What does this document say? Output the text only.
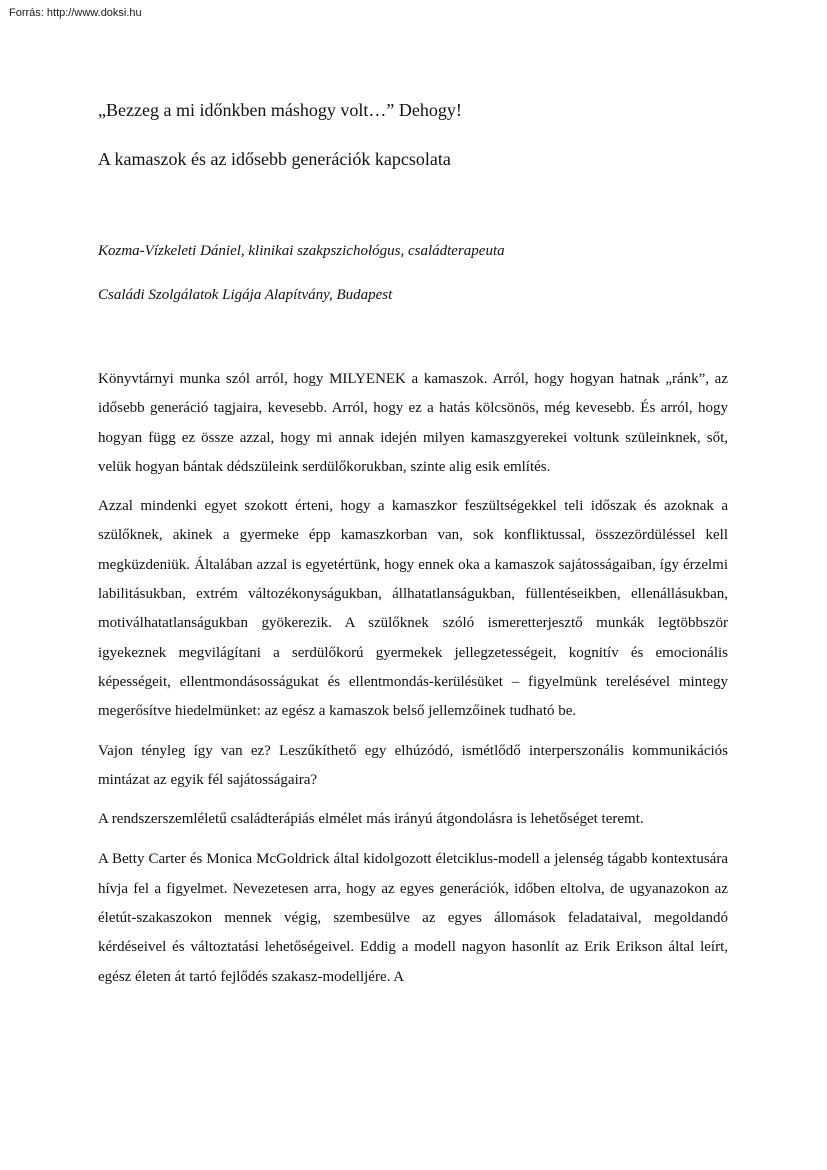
Forrás: http://www.doksi.hu
„Bezzeg a mi időnkben máshogy volt…” Dehogy!
A kamaszok és az idősebb generációk kapcsolata
Kozma-Vízkeleti Dániel, klinikai szakpszichológus, családterapeuta
Családi Szolgálatok Ligája Alapítvány, Budapest

Könyvtárnyi munka szól arról, hogy MILYENEK a kamaszok. Arról, hogy hogyan hatnak „ránk”, az idősebb generáció tagjaira, kevesebb. Arról, hogy ez a hatás kölcsönös, még kevesebb. És arról, hogy hogyan függ ez össze azzal, hogy mi annak idején milyen kamaszgyerekei voltunk szüleinknek, sőt, velük hogyan bántak dédszüleink serdülőkorukban, szinte alig esik említés.

Azzal mindenki egyet szokott érteni, hogy a kamaszkor feszültségekkel teli időszak és azoknak a szülőknek, akinek a gyermeke épp kamaszkorban van, sok konfliktussal, összezördüléssel kell megküzdeniük. Általában azzal is egyetértünk, hogy ennek oka a kamaszok sajátosságaiban, így érzelmi labilitásukban, extrém változékonyságukban, állhatatlanságukban, füllentéseikben, ellenállásukban, motiválhatatlanságukban gyökerezik. A szülőknek szóló ismeretterjesztő munkák legtöbbször igyekeznek megvilágítani a serdülőkorú gyermekek jellegzetességeit, kognitív és emocionális képességeit, ellentmondásosságukat és ellentmondás-kerülésüket – figyelmünk terelésével mintegy megerősítve hiedelmünket: az egész a kamaszok belső jellemzőinek tudható be.

Vajon tényleg így van ez? Leszűkíthető egy elhúzódó, ismétlődő interperszonális kommunikációs mintázat az egyik fél sajátosságaira?

A rendszerszemléletű családterápiás elmélet más irányú átgondolásra is lehetőséget teremt.

A Betty Carter és Monica McGoldrick által kidolgozott életciklus-modell a jelenség tágabb kontextusára hívja fel a figyelmet. Nevezetesen arra, hogy az egyes generációk, időben eltolva, de ugyanazokon az életút-szakaszokon mennek végig, szembesülve az egyes állomások feladataival, megoldandó kérdéseivel és változtatási lehetőségeivel. Eddig a modell nagyon hasonlít az Erik Erikson által leírt, egész életen át tartó fejlődés szakasz-modelljére. A
